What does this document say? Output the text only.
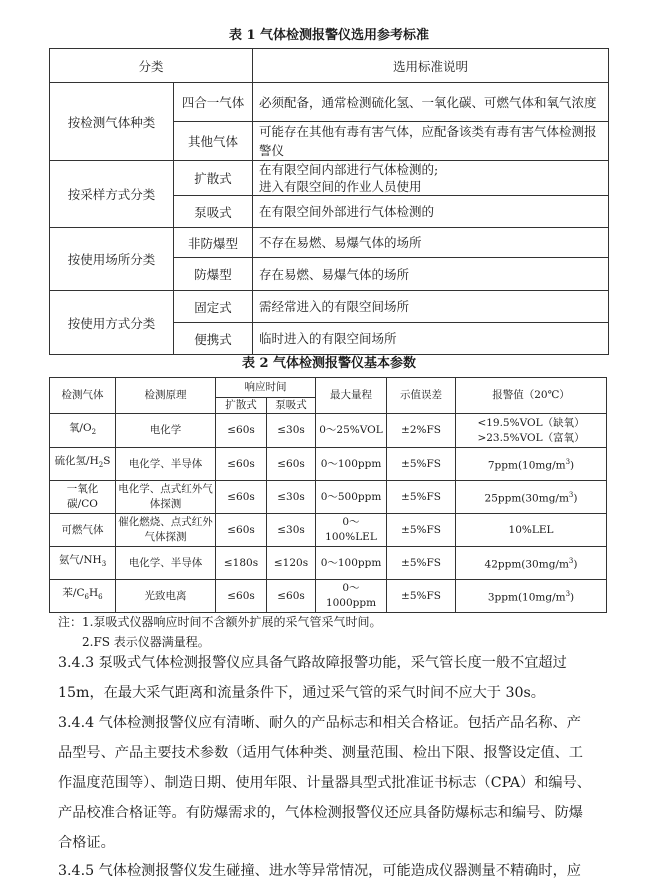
表 1 气体检测报警仪选用参考标准
分类		选用标准说明
按检测气体种类	四合一气体	必须配备，通常检测硫化氢、一氧化碳、可燃气体和氧气浓度
	其他气体	可能存在其他有毒有害气体，应配备该类有毒有害气体检测报警仪
按采样方式分类	扩散式	在有限空间内部进行气体检测的;
进入有限空间的作业人员使用

	泵吸式	在有限空间外部进行气体检测的
按使用场所分类	非防爆型	不存在易燃、易爆气体的场所
	防爆型	存在易燃、易爆气体的场所
按使用方式分类	固定式	需经常进入的有限空间场所
	便携式	临时进入的有限空间场所
表 2 气体检测报警仪基本参数
检测气体	检测原理	响应时间		最大量程	示值误差	报警值（20℃）
		扩散式	泵吸式			
氧$/O_2$	电化学	≤60s	≤30s	0～25%VOL	±2%FS	<19.5%VOL（缺氧）
>23.5%VOL（富氧）

硫化氢$/H_2S$	电化学、半导体	≤60s	≤60s	0～100ppm	±5%FS	$7ppm(10mg/m^3)$
一氧化碳/CO	电化学、点式红外气体探测	≤60s	≤30s	0～500ppm	±5%FS	$25ppm(30mg/m^3)$
可燃气体	催化燃烧、点式红外气体探测	≤60s	≤30s	0～100%LEL	±5%FS	10%LEL
氨气$/NH_3$	电化学、半导体	≤180s	≤120s	0～100ppm	±5%FS	$42ppm(30mg/m^3)$
苯$/C_6H_6$	光致电离	≤60s	≤60s	0～1000ppm	±5%FS	$3ppm(10mg/m^3)$
注：1.泵吸式仪器响应时间不含额外扩展的采气管采气时间。
2.FS 表示仪器满量程。
3.4.3 泵吸式气体检测报警仪应具备气路故障报警功能，采气管长度一般不宜超过
15m，在最大采气距离和流量条件下，通过采气管的采气时间不应大于 30s。
3.4.4 气体检测报警仪应有清晰、耐久的产品标志和相关合格证。包括产品名称、产
品型号、产品主要技术参数（适用气体种类、测量范围、检出下限、报警设定值、工
作温度范围等）、制造日期、使用年限、计量器具型式批准证书标志（CPA）和编号、
产品校准合格证等。有防爆需求的，气体检测报警仪还应具备防爆标志和编号、防爆
合格证。
3.4.5 气体检测报警仪发生碰撞、进水等异常情况，可能造成仪器测量不精确时，应
